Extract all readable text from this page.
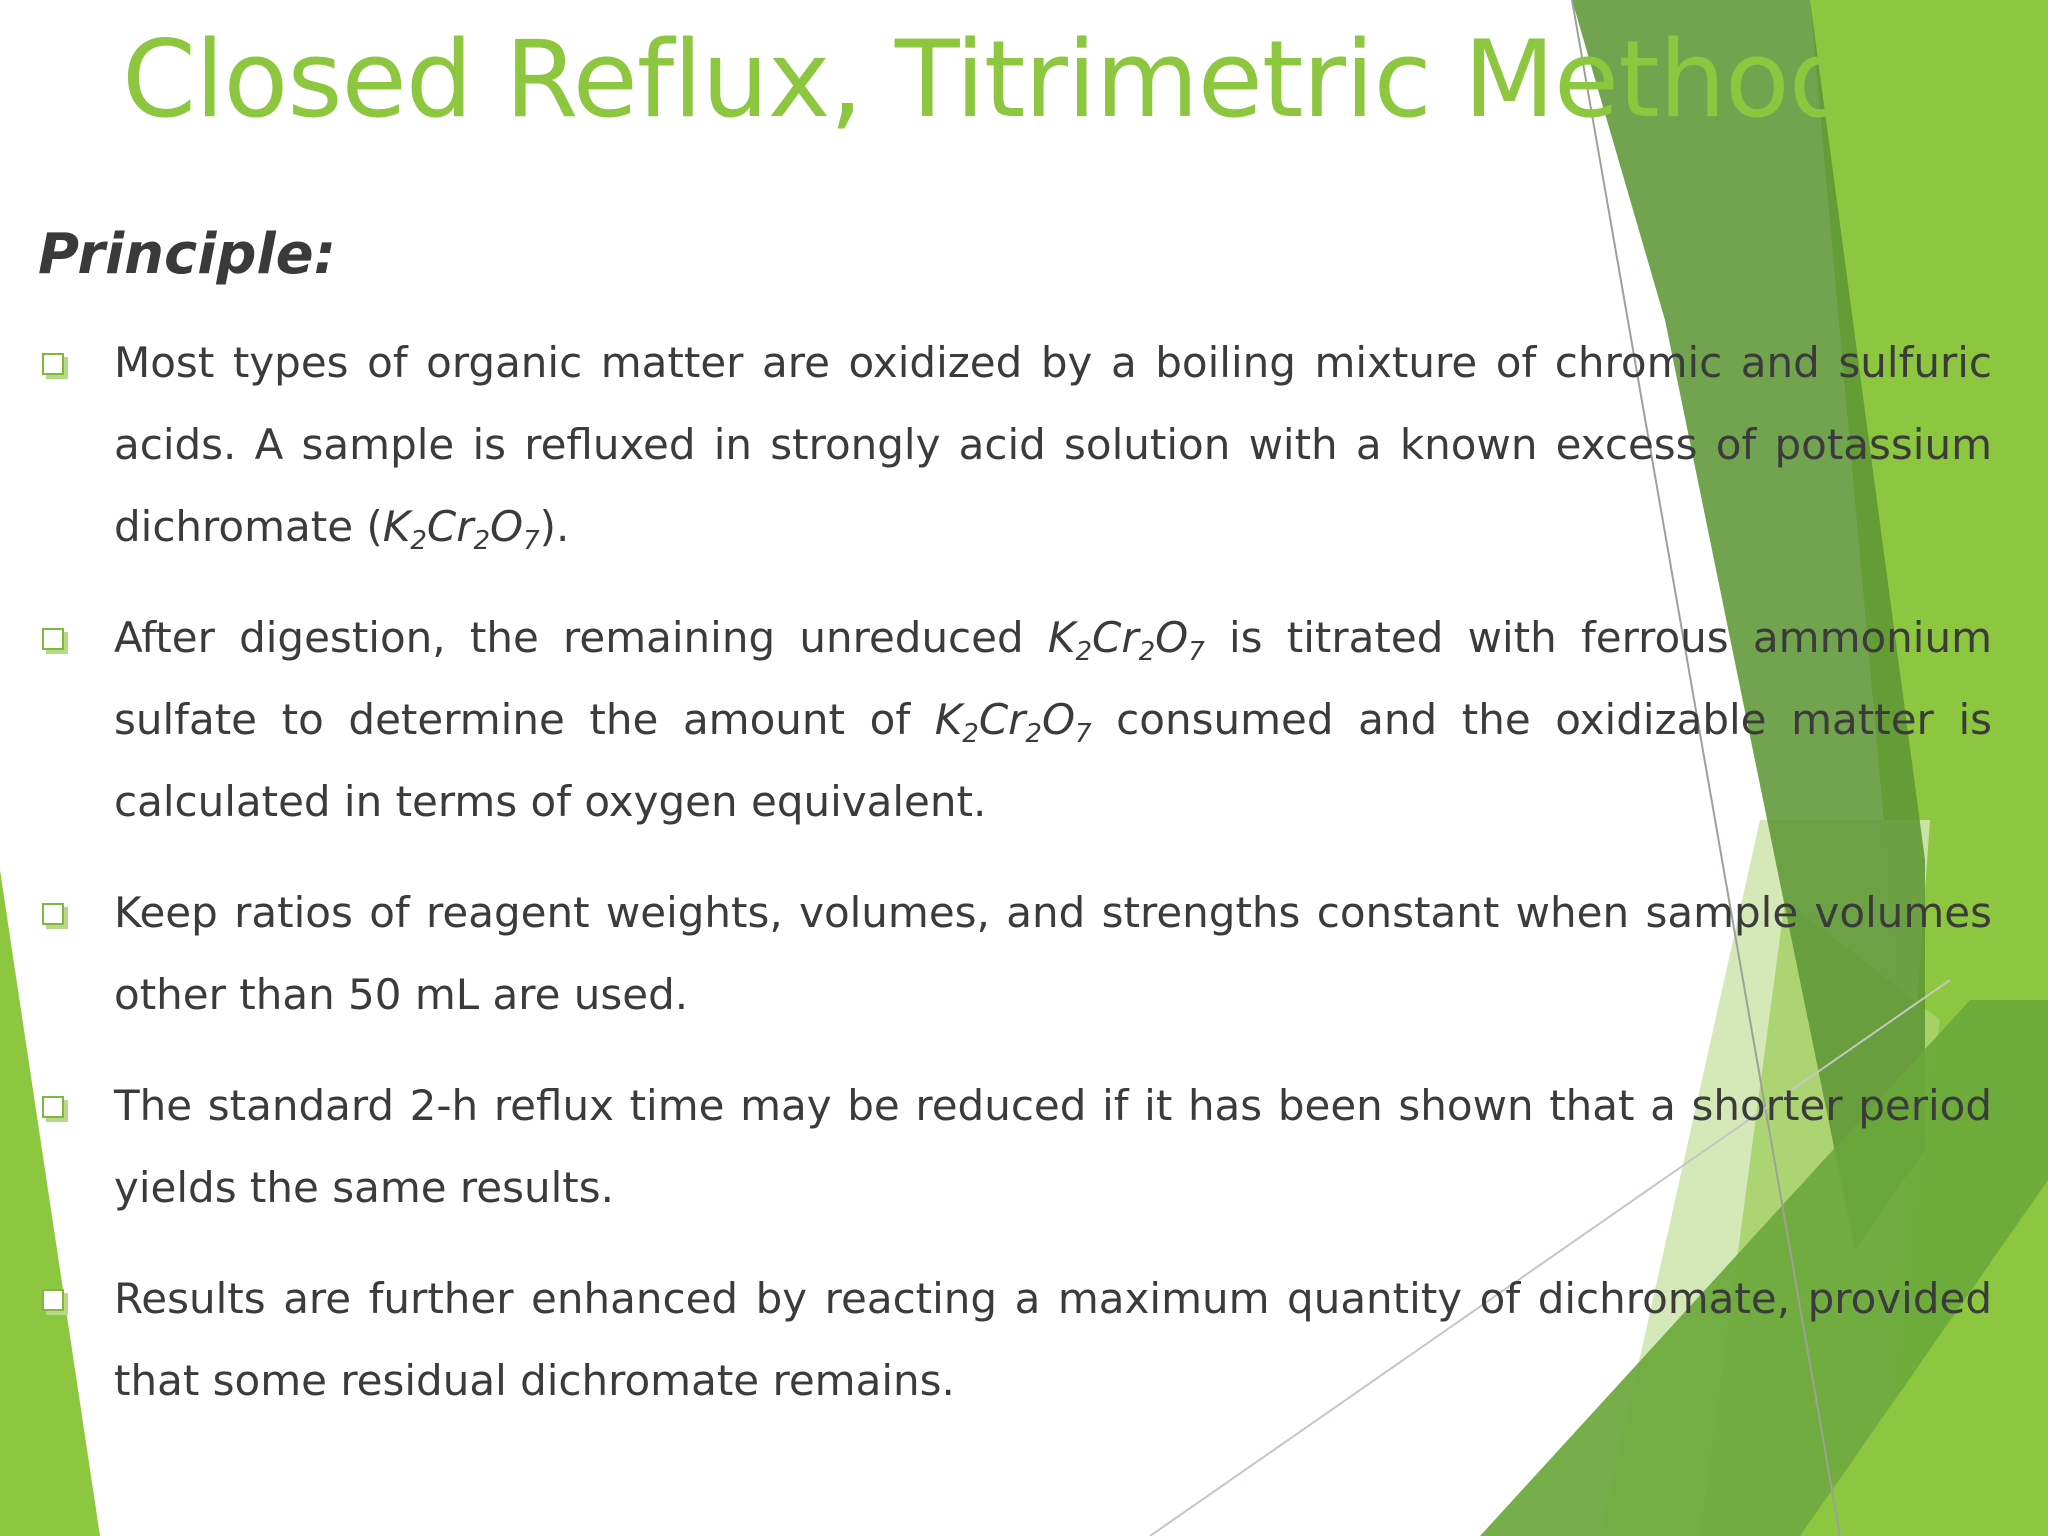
Closed Reflux, Titrimetric Method
Principle:
Most types of organic matter are oxidized by a boiling mixture of chromic and sulfuric acids. A sample is refluxed in strongly acid solution with a known excess of potassium dichromate $(K_2Cr_2O_7)$.
After digestion, the remaining unreduced $K_2Cr_2O_7$ is titrated with ferrous ammonium sulfate to determine the amount of $K_2Cr_2O_7$ consumed and the oxidizable matter is calculated in terms of oxygen equivalent.
Keep ratios of reagent weights, volumes, and strengths constant when sample volumes other than 50 mL are used.
The standard 2-h reflux time may be reduced if it has been shown that a shorter period yields the same results.
Results are further enhanced by reacting a maximum quantity of dichromate, provided that some residual dichromate remains.
